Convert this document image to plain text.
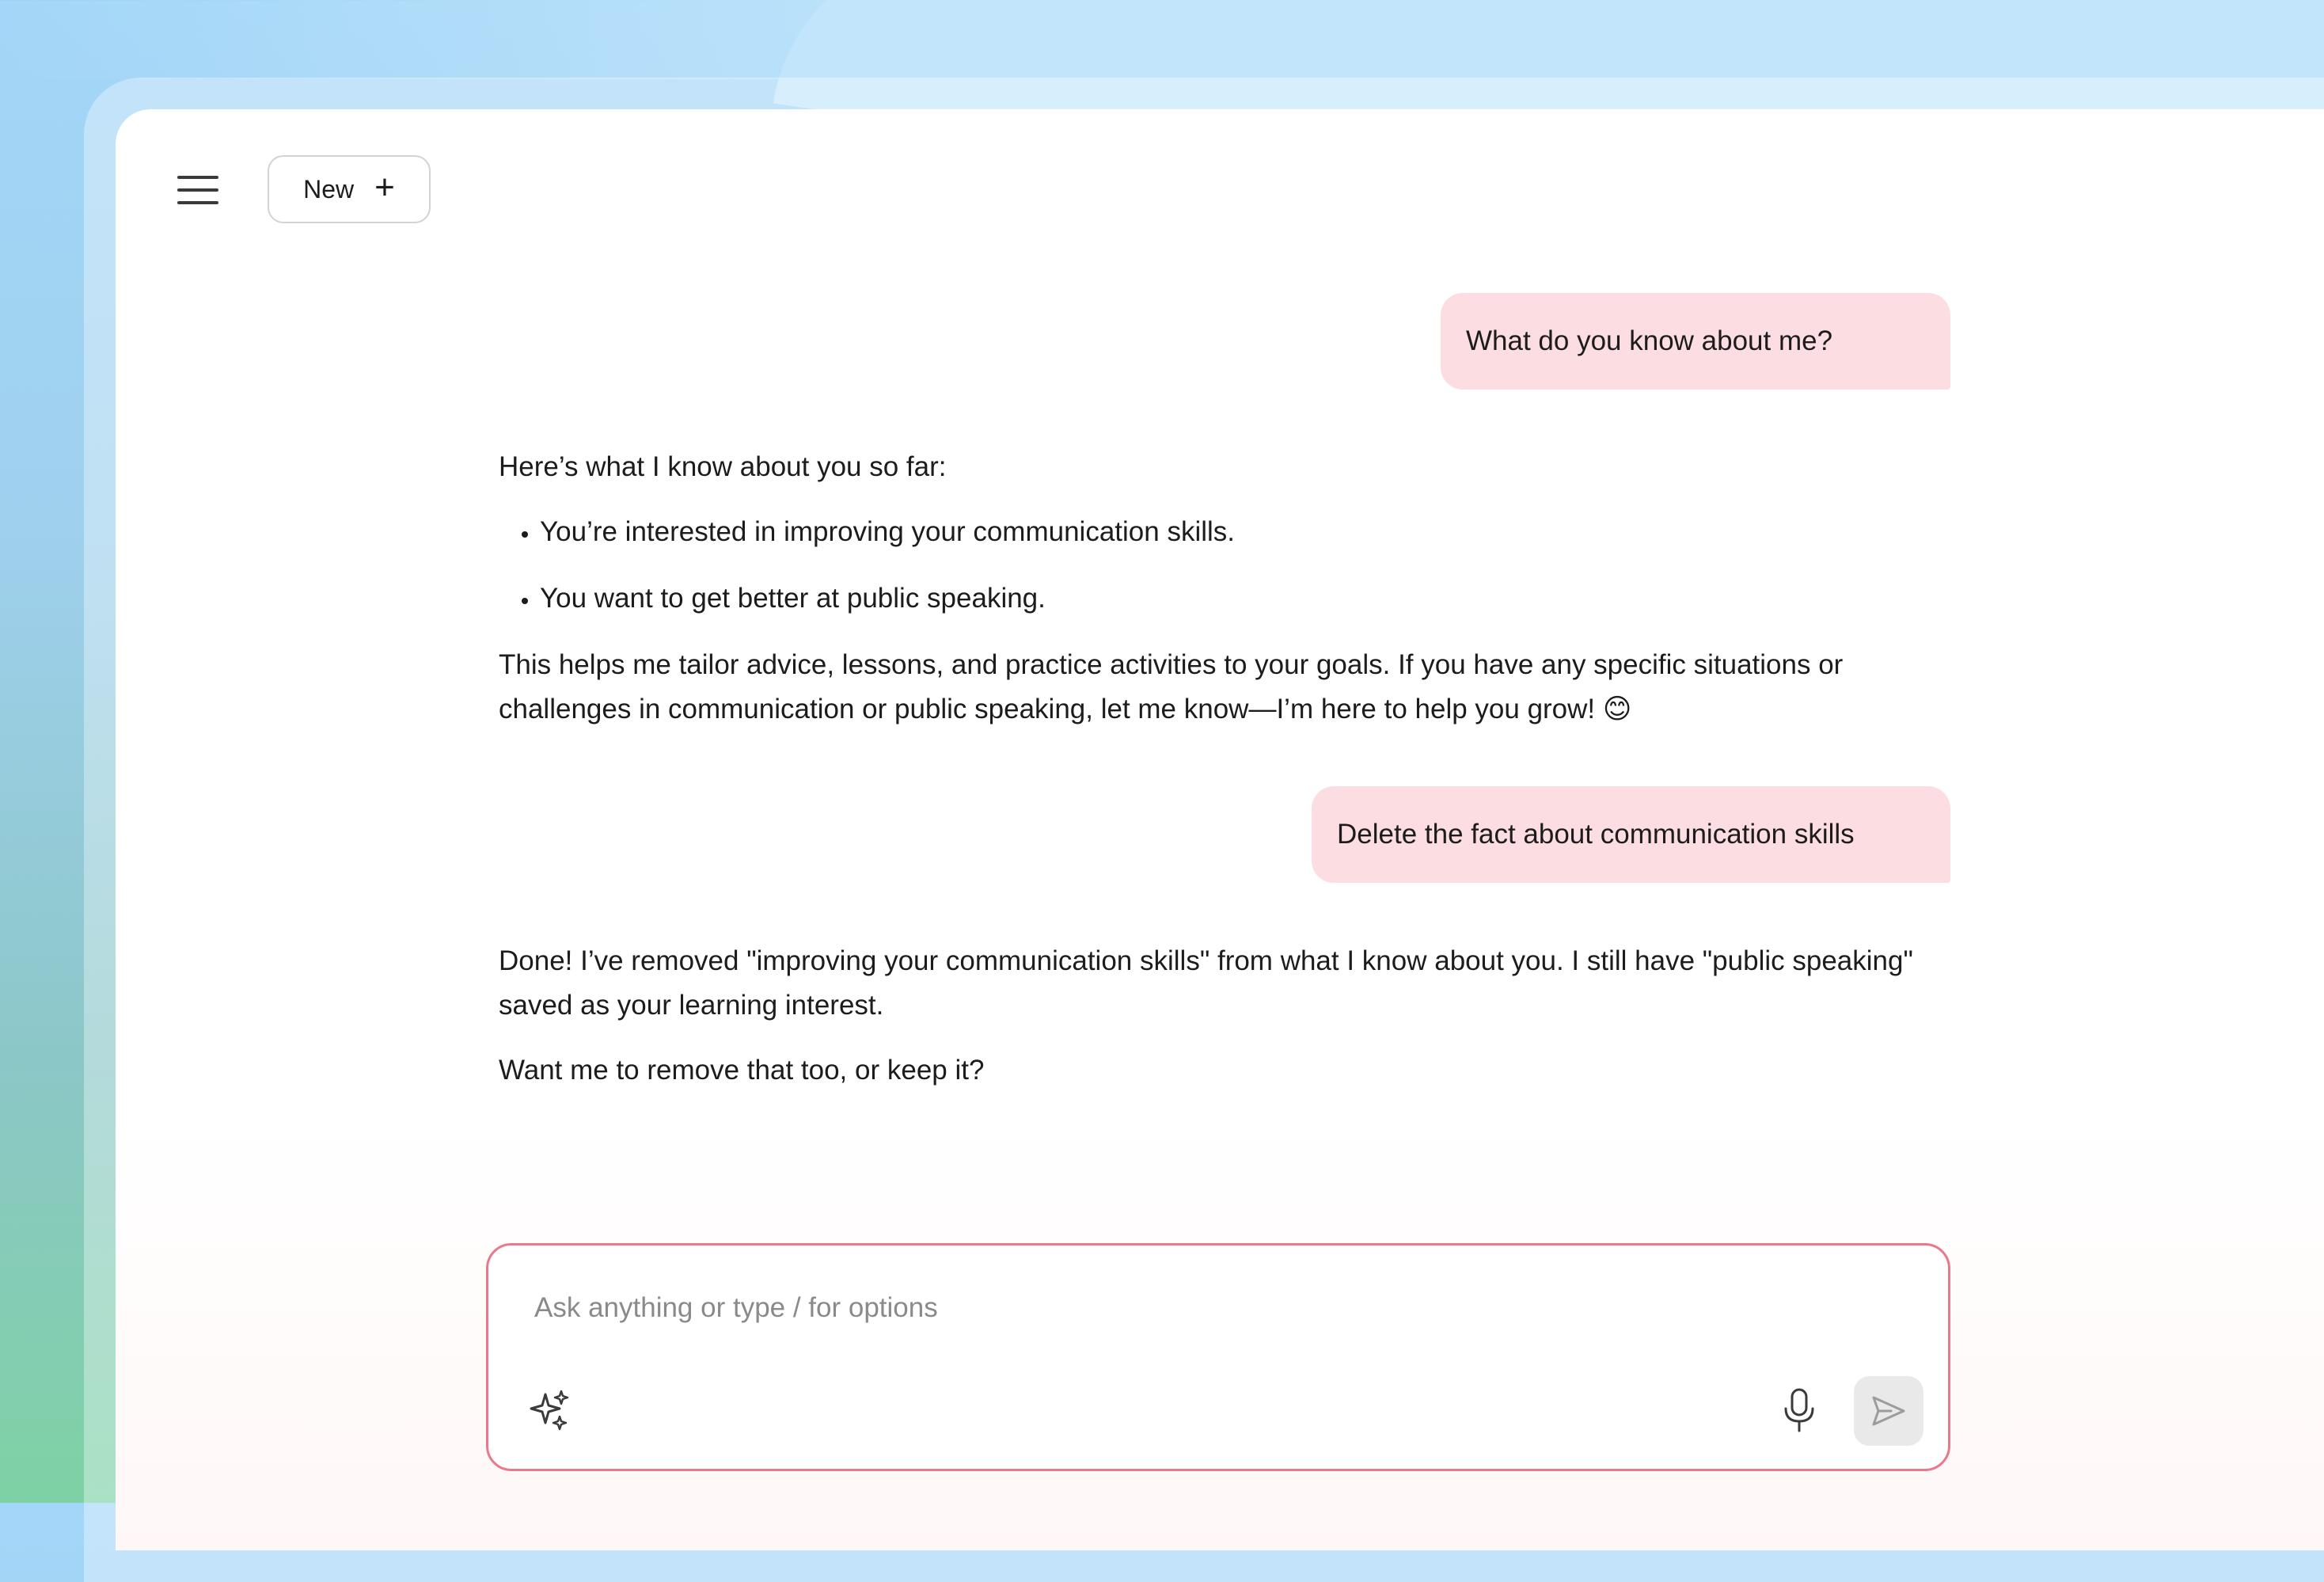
New +
What do you know about me?

Here’s what I know about you so far:

• You’re interested in improving your communication skills.
• You want to get better at public speaking.

This helps me tailor advice, lessons, and practice activities to your goals. If you have any specific situations or challenges in communication or public speaking, let me know—I’m here to help you grow! 😊

Delete the fact about communication skills

Done! I’ve removed "improving your communication skills" from what I know about you. I still have "public speaking" saved as your learning interest.

Want me to remove that too, or keep it?

Ask anything or type / for options
